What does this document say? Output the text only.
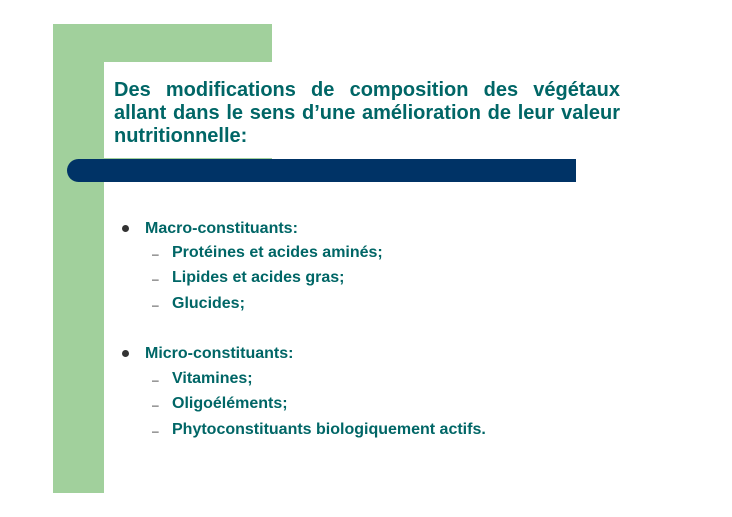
Des modifications de composition des végétaux allant dans le sens d’une amélioration de leur valeur nutritionnelle:

Macro-constituants:

– Protéines et acides aminés;

– Lipides et acides gras;

– Glucides;

Micro-constituants:

– Vitamines;

– Oligoéléments;

– Phytoconstituants biologiquement actifs.
